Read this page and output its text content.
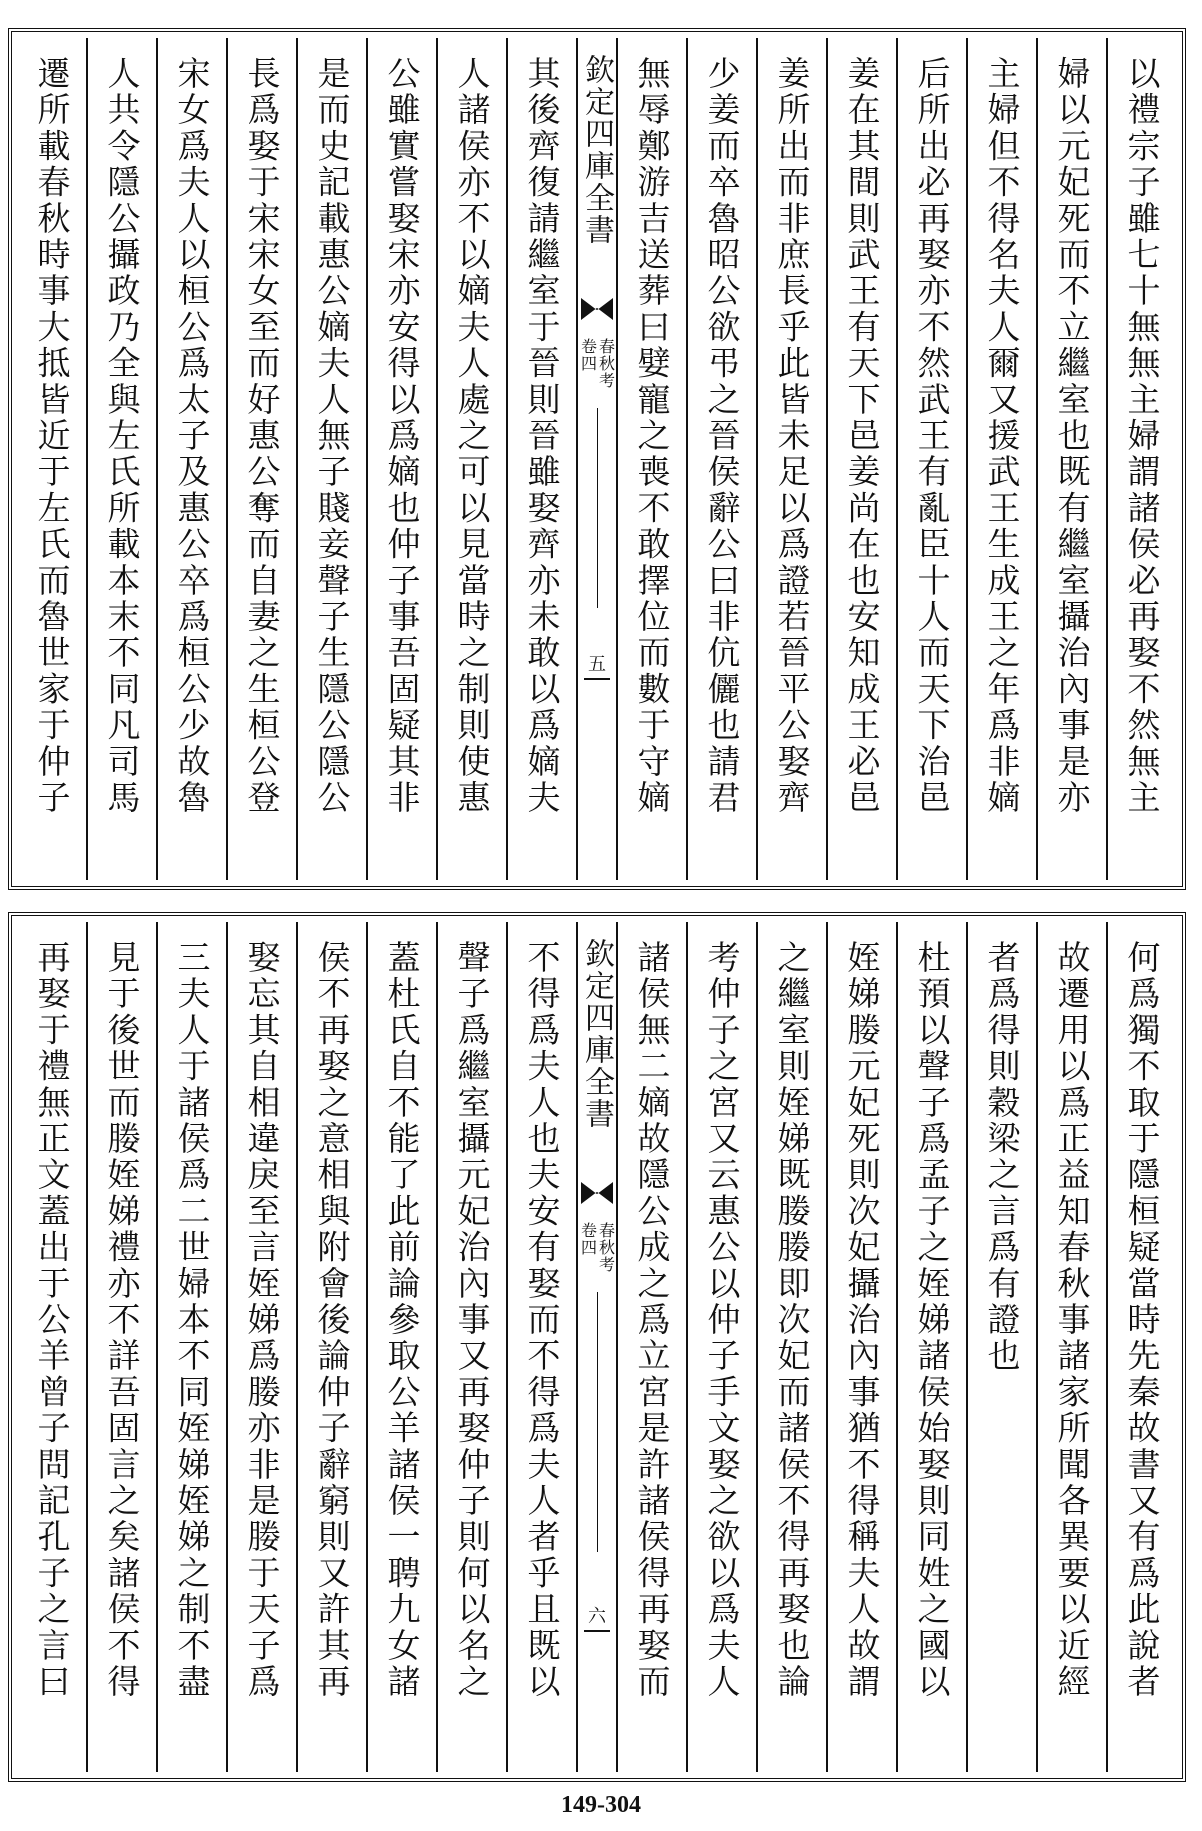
遷所載春秋時事大抵皆近于左氏而魯世家于仲子 人共令隱公攝政乃全與左氏所載本末不同凡司馬 宋女爲夫人以桓公爲太子及惠公卒爲桓公少故魯 長爲娶于宋宋女至而好惠公奪而自妻之生桓公登 是而史記載惠公嫡夫人無子賤妾聲子生隱公隱公 公雖實嘗娶宋亦安得以爲嫡也仲子事吾固疑其非 人諸侯亦不以嫡夫人處之可以見當時之制則使惠 其後齊復請繼室于晉則晉雖娶齊亦未敢以爲嫡夫 欽定四庫全書
春秋考
卷四
五 無辱鄭游吉送葬曰嬖寵之喪不敢擇位而數于守嫡 少姜而卒魯昭公欲弔之晉侯辭公曰非伉儷也請君 姜所出而非庶長乎此皆未足以爲證若晉平公娶齊 姜在其間則武王有天下邑姜尚在也安知成王必邑 后所出必再娶亦不然武王有亂臣十人而天下治邑 主婦但不得名夫人爾又援武王生成王之年爲非嫡 婦以元妃死而不立繼室也既有繼室攝治內事是亦 以禮宗子雖七十無無主婦謂諸侯必再娶不然無主
再娶于禮無正文蓋出于公羊曾子問記孔子之言曰 見于後世而媵姪娣禮亦不詳吾固言之矣諸侯不得 三夫人于諸侯爲二世婦本不同姪娣姪娣之制不盡 娶忘其自相違戾至言姪娣爲媵亦非是媵于天子爲 侯不再娶之意相與附會後論仲子辭窮則又許其再 蓋杜氏自不能了此前論參取公羊諸侯一聘九女諸 聲子爲繼室攝元妃治內事又再娶仲子則何以名之 不得爲夫人也夫安有娶而不得爲夫人者乎且既以 欽定四庫全書
春秋考
卷四
六 諸侯無二嫡故隱公成之爲立宮是許諸侯得再娶而 考仲子之宮又云惠公以仲子手文娶之欲以爲夫人 之繼室則姪娣既媵媵即次妃而諸侯不得再娶也論 姪娣媵元妃死則次妃攝治內事猶不得稱夫人故謂 杜預以聲子爲孟子之姪娣諸侯始娶則同姓之國以 者爲得則穀梁之言爲有證也 故遷用以爲正益知春秋事諸家所聞各異要以近經 何爲獨不取于隱桓疑當時先秦故書又有爲此說者
149-304
